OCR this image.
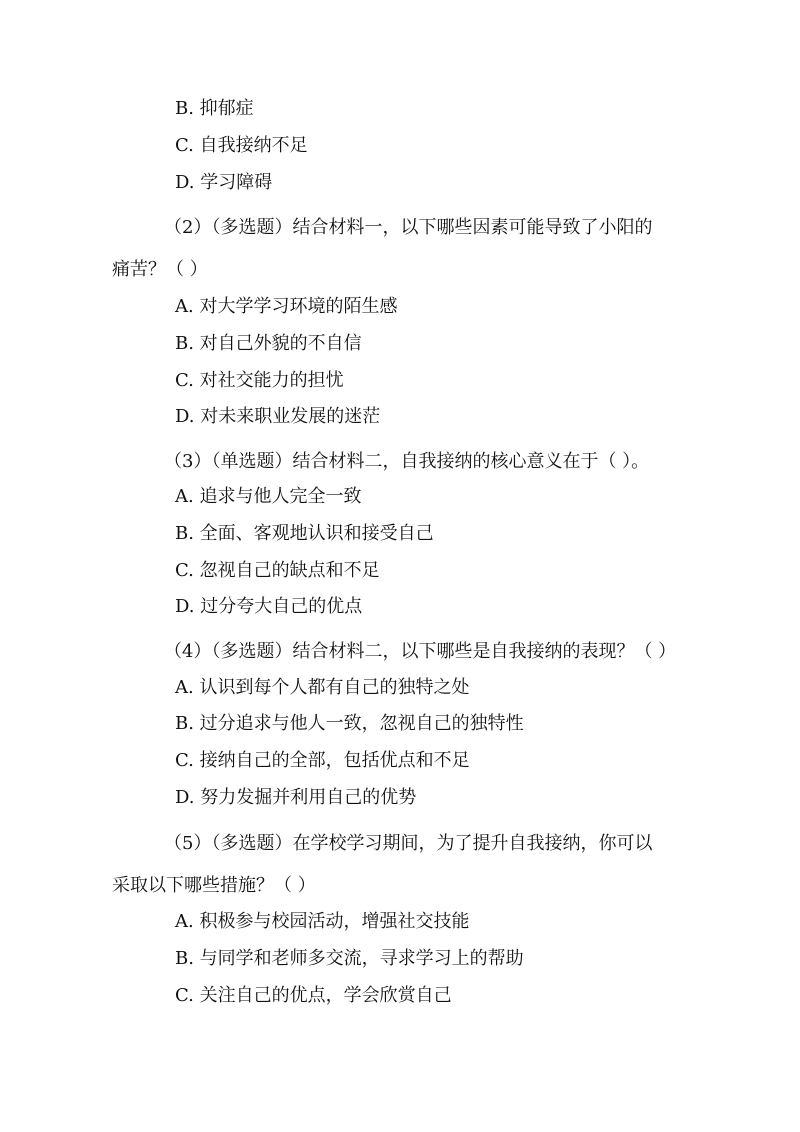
B. 抑郁症
C. 自我接纳不足
D. 学习障碍
（2）（多选题）结合材料一，以下哪些因素可能导致了小阳的
痛苦？（ ）
A. 对大学学习环境的陌生感
B. 对自己外貌的不自信
C. 对社交能力的担忧
D. 对未来职业发展的迷茫
（3）（单选题）结合材料二，自我接纳的核心意义在于（ ）。
A. 追求与他人完全一致
B. 全面、客观地认识和接受自己
C. 忽视自己的缺点和不足
D. 过分夸大自己的优点
（4）（多选题）结合材料二，以下哪些是自我接纳的表现？（ ）
A. 认识到每个人都有自己的独特之处
B. 过分追求与他人一致，忽视自己的独特性
C. 接纳自己的全部，包括优点和不足
D. 努力发掘并利用自己的优势
（5）（多选题）在学校学习期间，为了提升自我接纳，你可以
采取以下哪些措施？（ ）
A. 积极参与校园活动，增强社交技能
B. 与同学和老师多交流，寻求学习上的帮助
C. 关注自己的优点，学会欣赏自己
